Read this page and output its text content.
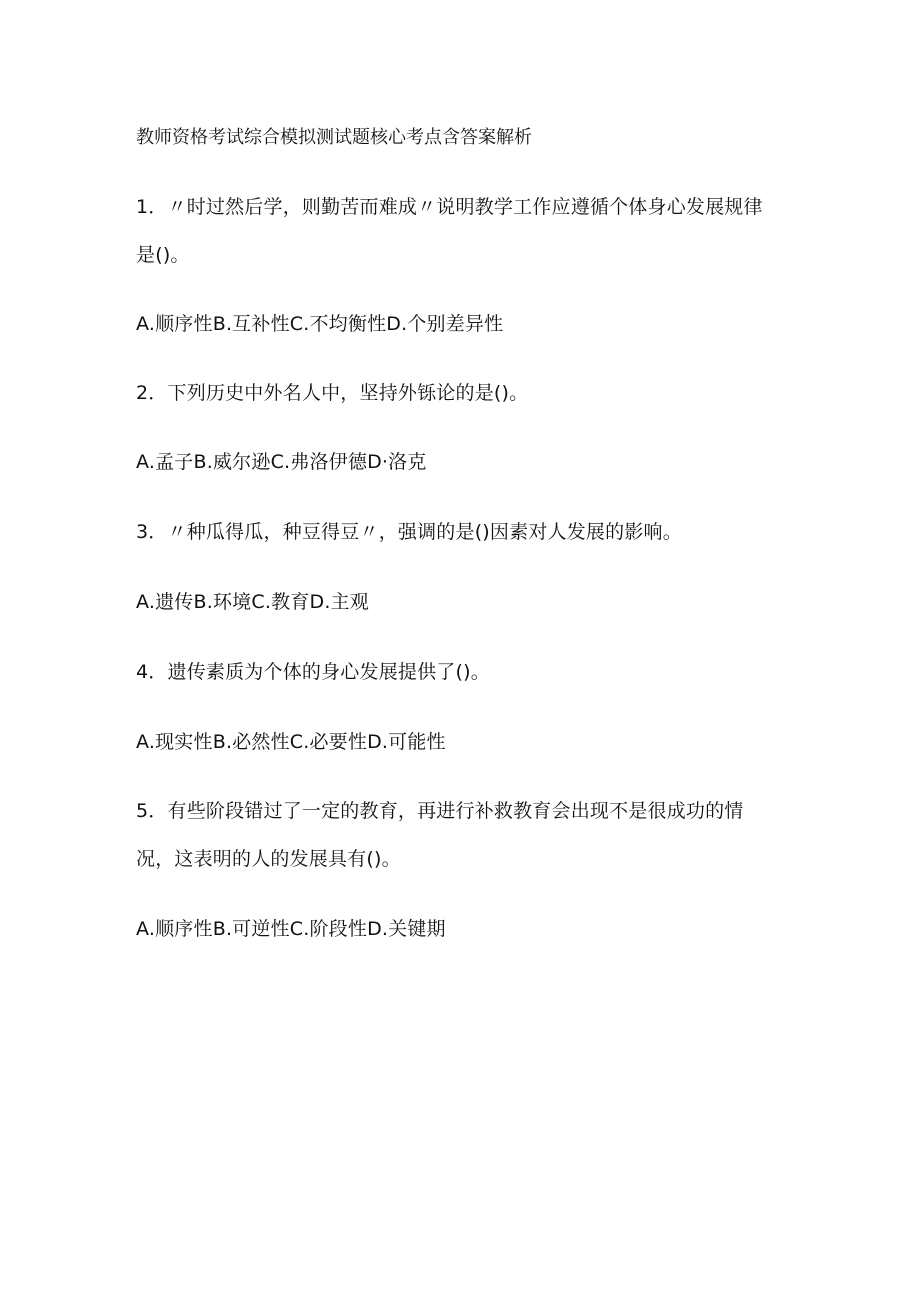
教师资格考试综合模拟测试题核心考点含答案解析
1．〃时过然后学，则勤苦而难成〃说明教学工作应遵循个体身心发展规律
是()。
A.顺序性B.互补性C.不均衡性D.个别差异性
2．下列历史中外名人中，坚持外铄论的是()。
A.孟子B.威尔逊C.弗洛伊德D·洛克
3．〃种瓜得瓜，种豆得豆〃，强调的是()因素对人发展的影响。
A.遗传B.环境C.教育D.主观
4．遗传素质为个体的身心发展提供了()。
A.现实性B.必然性C.必要性D.可能性
5．有些阶段错过了一定的教育，再进行补救教育会出现不是很成功的情
况，这表明的人的发展具有()。
A.顺序性B.可逆性C.阶段性D.关键期
